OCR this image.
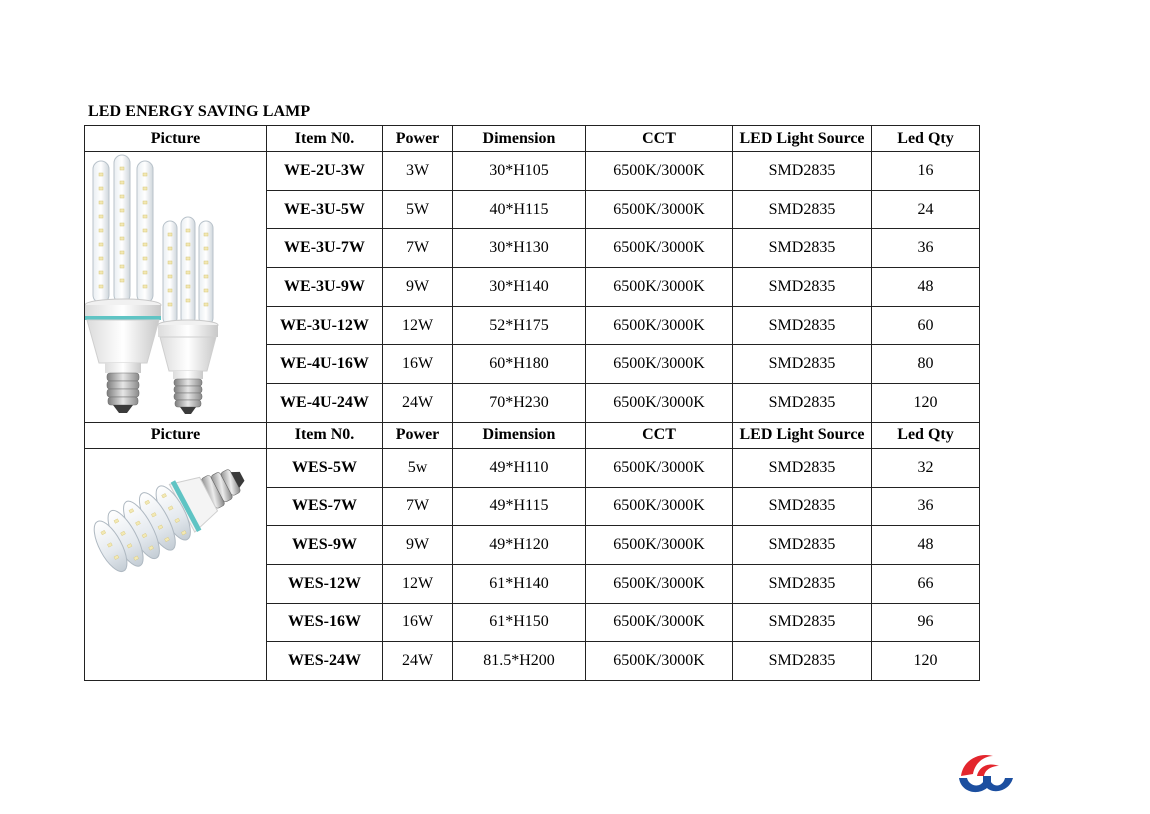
LED ENERGY SAVING LAMP
Picture	Item N0.	Power	Dimension	CCT	LED Light Source	Led Qty

	WE-2U-3W	3W	30*H105	6500K/3000K	SMD2835	16
	WE-3U-5W	5W	40*H115	6500K/3000K	SMD2835	24
	WE-3U-7W	7W	30*H130	6500K/3000K	SMD2835	36
	WE-3U-9W	9W	30*H140	6500K/3000K	SMD2835	48
	WE-3U-12W	12W	52*H175	6500K/3000K	SMD2835	60
	WE-4U-16W	16W	60*H180	6500K/3000K	SMD2835	80
	WE-4U-24W	24W	70*H230	6500K/3000K	SMD2835	120
Picture	Item N0.	Power	Dimension	CCT	LED Light Source	Led Qty

	WES-5W	5w	49*H110	6500K/3000K	SMD2835	32
	WES-7W	7W	49*H115	6500K/3000K	SMD2835	36
	WES-9W	9W	49*H120	6500K/3000K	SMD2835	48
	WES-12W	12W	61*H140	6500K/3000K	SMD2835	66
	WES-16W	16W	61*H150	6500K/3000K	SMD2835	96
	WES-24W	24W	81.5*H200	6500K/3000K	SMD2835	120
